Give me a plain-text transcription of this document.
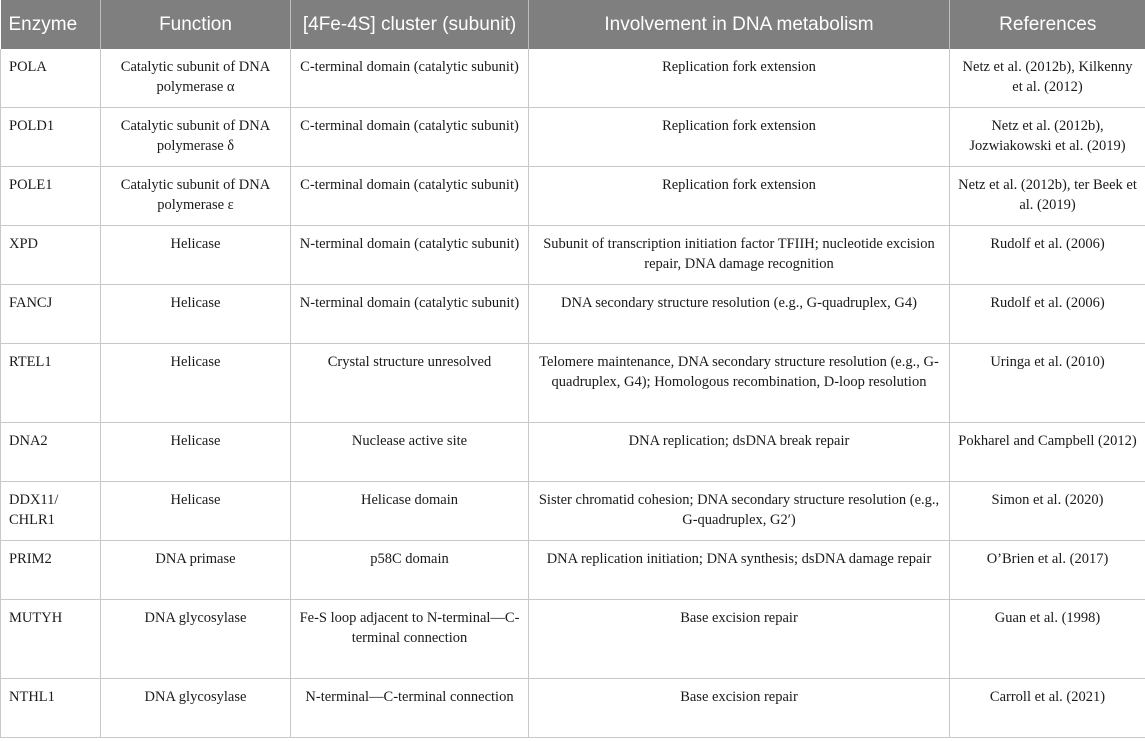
Enzyme	Function	[4Fe-4S] cluster (subunit)	Involvement in DNA metabolism	References
POLA	Catalytic subunit of DNA polymerase α	C-terminal domain (catalytic subunit)	Replication fork extension	Netz et al. (2012b), Kilkenny et al. (2012)
POLD1	Catalytic subunit of DNA polymerase δ	C-terminal domain (catalytic subunit)	Replication fork extension	Netz et al. (2012b), Jozwiakowski et al. (2019)
POLE1	Catalytic subunit of DNA polymerase ε	C-terminal domain (catalytic subunit)	Replication fork extension	Netz et al. (2012b), ter Beek et al. (2019)
XPD	Helicase	N-terminal domain (catalytic subunit)	Subunit of transcription initiation factor TFIIH; nucleotide excision repair, DNA damage recognition	Rudolf et al. (2006)
FANCJ	Helicase	N-terminal domain (catalytic subunit)	DNA secondary structure resolution (e.g., G-quadruplex, G4)	Rudolf et al. (2006)
RTEL1	Helicase	Crystal structure unresolved	Telomere maintenance, DNA secondary structure resolution (e.g., G-quadruplex, G4); Homologous recombination, D-loop resolution	Uringa et al. (2010)
DNA2	Helicase	Nuclease active site	DNA replication; dsDNA break repair	Pokharel and Campbell (2012)
DDX11/ CHLR1	Helicase	Helicase domain	Sister chromatid cohesion; DNA secondary structure resolution (e.g., G-quadruplex, G2′)	Simon et al. (2020)
PRIM2	DNA primase	p58C domain	DNA replication initiation; DNA synthesis; dsDNA damage repair	O’Brien et al. (2017)
MUTYH	DNA glycosylase	Fe-S loop adjacent to N-terminal—C-terminal connection	Base excision repair	Guan et al. (1998)
NTHL1	DNA glycosylase	N-terminal—C-terminal connection	Base excision repair	Carroll et al. (2021)
